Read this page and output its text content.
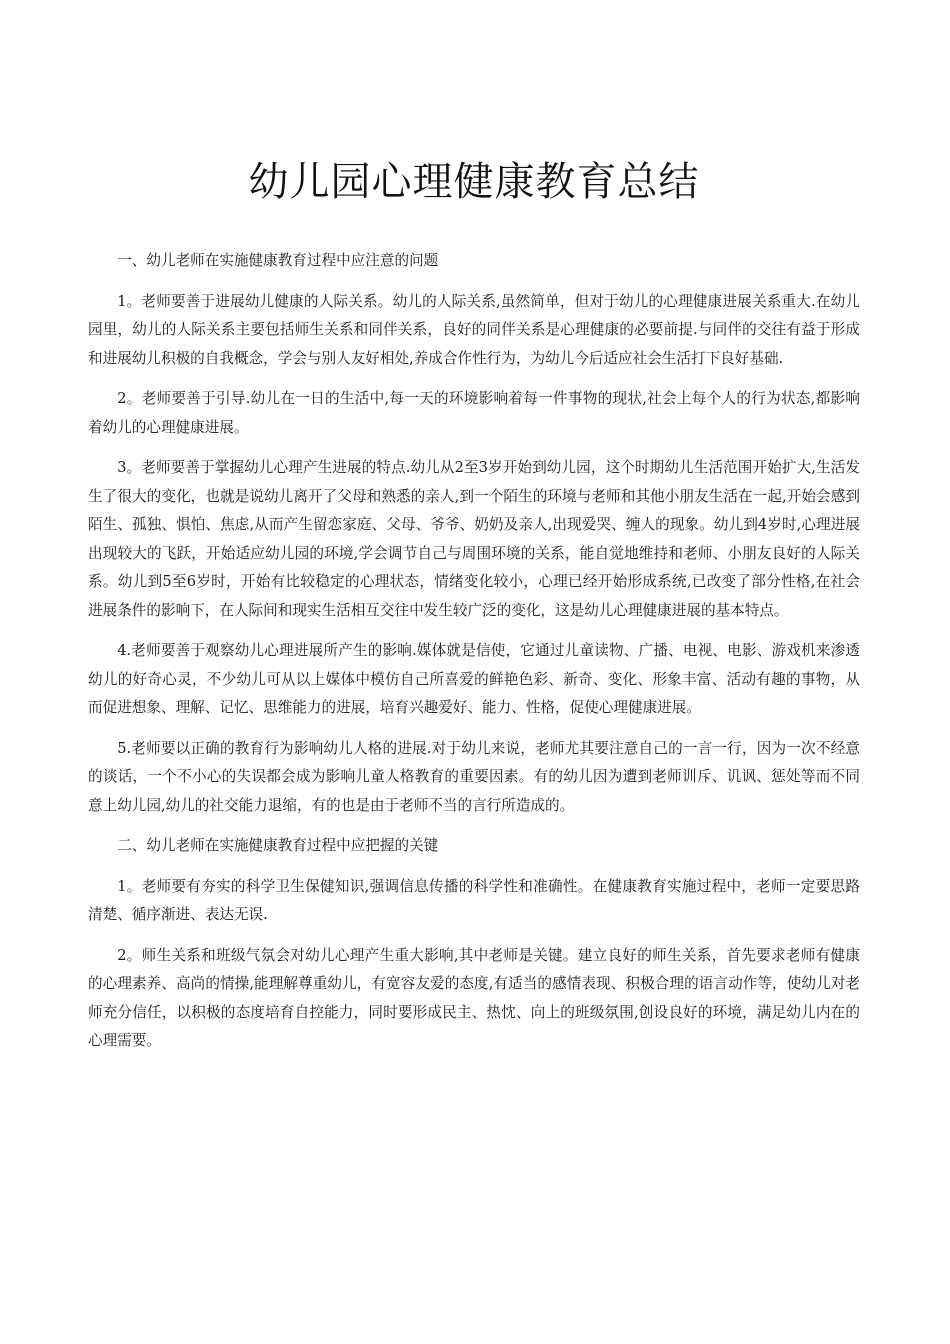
幼儿园心理健康教育总结

一、幼儿老师在实施健康教育过程中应注意的问题

1。老师要善于进展幼儿健康的人际关系。幼儿的人际关系,虽然简单，但对于幼儿的心理健康进展关系重大.在幼儿园里，幼儿的人际关系主要包括师生关系和同伴关系，良好的同伴关系是心理健康的必要前提.与同伴的交往有益于形成和进展幼儿积极的自我概念，学会与别人友好相处,养成合作性行为，为幼儿今后适应社会生活打下良好基础.

2。老师要善于引导.幼儿在一日的生活中,每一天的环境影响着每一件事物的现状,社会上每个人的行为状态,都影响着幼儿的心理健康进展。

3。老师要善于掌握幼儿心理产生进展的特点.幼儿从2至3岁开始到幼儿园，这个时期幼儿生活范围开始扩大,生活发生了很大的变化，也就是说幼儿离开了父母和熟悉的亲人,到一个陌生的环境与老师和其他小朋友生活在一起,开始会感到陌生、孤独、惧怕、焦虑,从而产生留恋家庭、父母、爷爷、奶奶及亲人,出现爱哭、缠人的现象。幼儿到4岁时,心理进展出现较大的飞跃，开始适应幼儿园的环境,学会调节自己与周围环境的关系，能自觉地维持和老师、小朋友良好的人际关系。幼儿到5至6岁时，开始有比较稳定的心理状态，情绪变化较小，心理已经开始形成系统,已改变了部分性格,在社会进展条件的影响下，在人际间和现实生活相互交往中发生较广泛的变化，这是幼儿心理健康进展的基本特点。

4.老师要善于观察幼儿心理进展所产生的影响.媒体就是信使，它通过儿童读物、广播、电视、电影、游戏机来渗透幼儿的好奇心灵，不少幼儿可从以上媒体中模仿自己所喜爱的鲜艳色彩、新奇、变化、形象丰富、活动有趣的事物，从而促进想象、理解、记忆、思维能力的进展，培育兴趣爱好、能力、性格，促使心理健康进展。

5.老师要以正确的教育行为影响幼儿人格的进展.对于幼儿来说，老师尤其要注意自己的一言一行，因为一次不经意的谈话，一个不小心的失误都会成为影响儿童人格教育的重要因素。有的幼儿因为遭到老师训斥、讥讽、惩处等而不同意上幼儿园,幼儿的社交能力退缩，有的也是由于老师不当的言行所造成的。

二、幼儿老师在实施健康教育过程中应把握的关键

1。老师要有夯实的科学卫生保健知识,强调信息传播的科学性和准确性。在健康教育实施过程中，老师一定要思路清楚、循序渐进、表达无误.

2。师生关系和班级气氛会对幼儿心理产生重大影响,其中老师是关键。建立良好的师生关系，首先要求老师有健康的心理素养、高尚的情操,能理解尊重幼儿，有宽容友爱的态度,有适当的感情表现、积极合理的语言动作等，使幼儿对老师充分信任，以积极的态度培育自控能力，同时要形成民主、热忱、向上的班级氛围,创设良好的环境，满足幼儿内在的心理需要。
